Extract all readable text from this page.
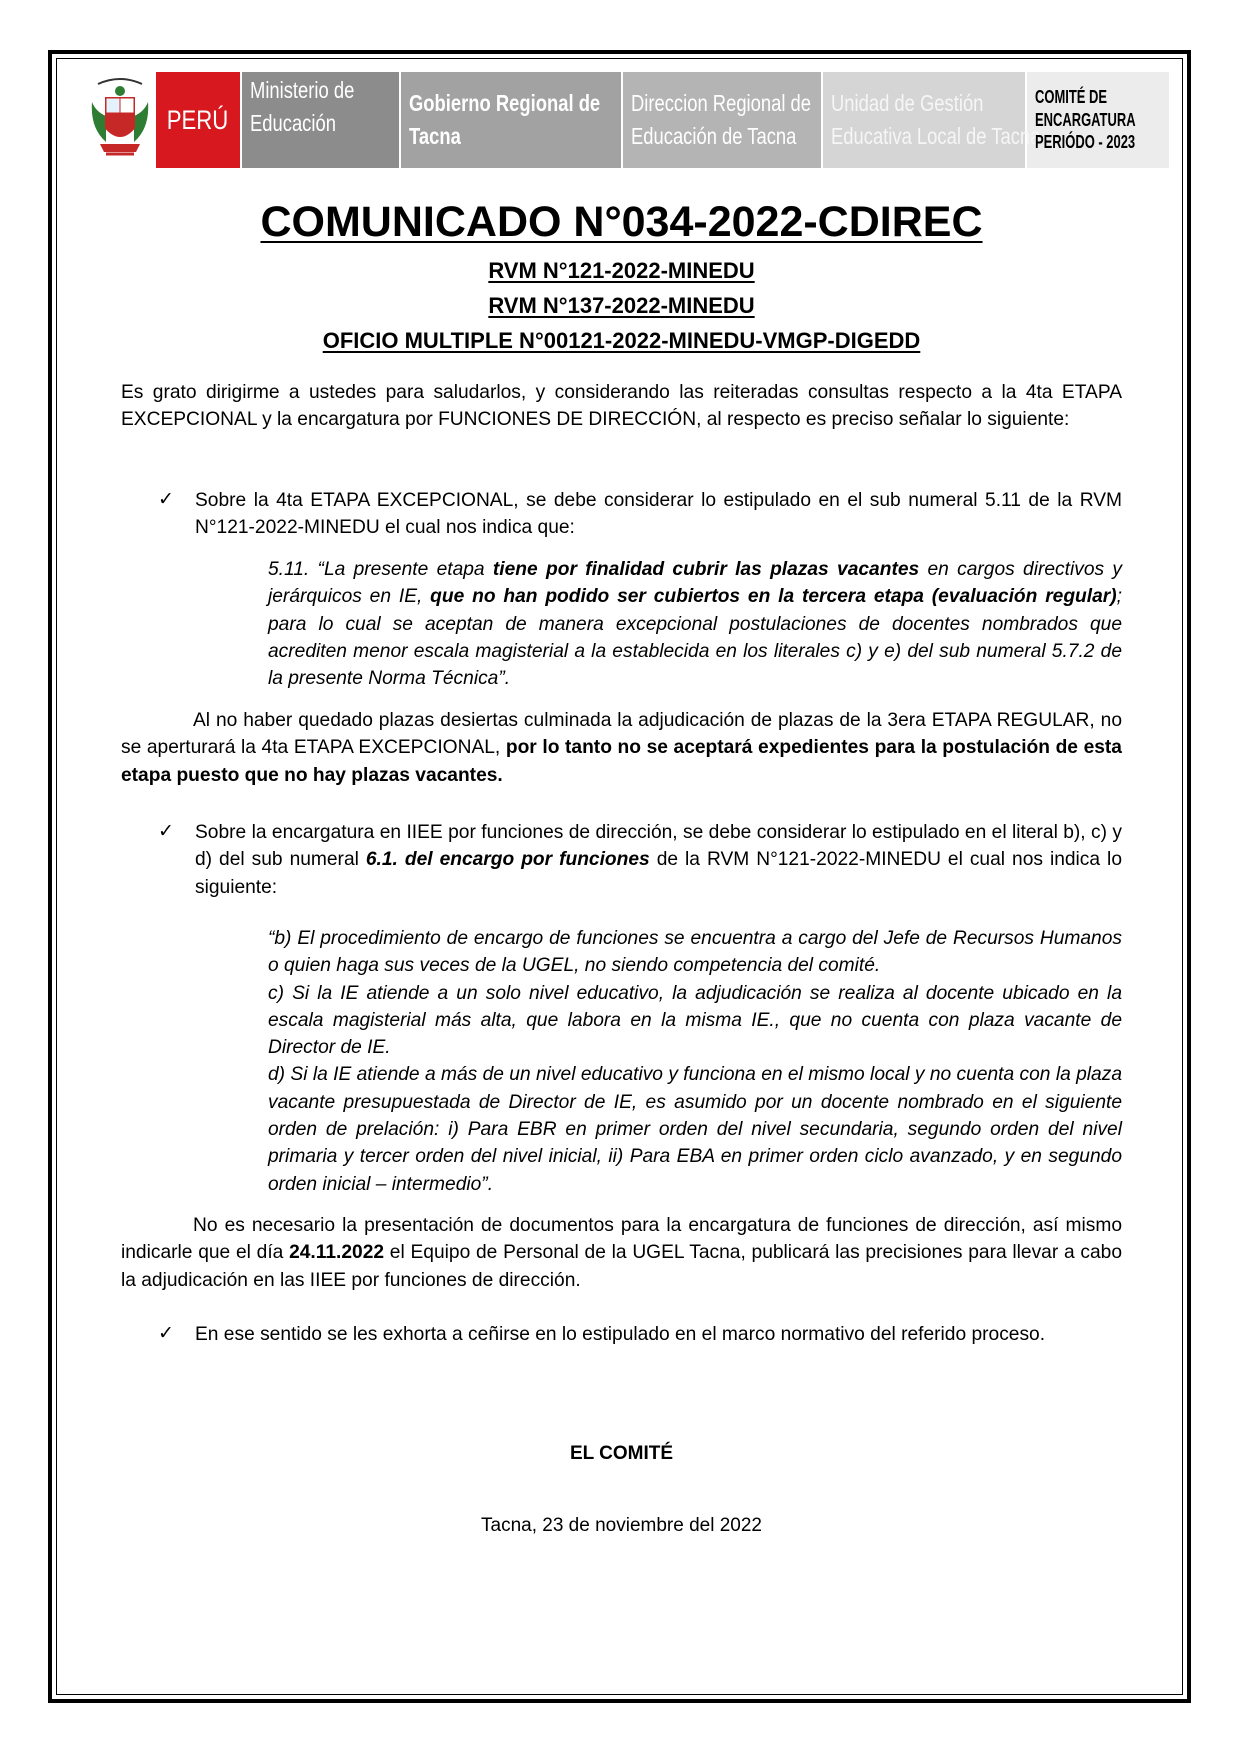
PERÚ
Ministerio de
Educación
Gobierno Regional de
Tacna
Direccion Regional de
Educación de Tacna
Unidad de Gestión
Educativa Local de Tacna
COMITÉ DE
ENCARGATURA
PERIÓDO - 2023
COMUNICADO N°034-2022-CDIREC
RVM N°121-2022-MINEDU
RVM N°137-2022-MINEDU
OFICIO MULTIPLE N°00121-2022-MINEDU-VMGP-DIGEDD
Es grato dirigirme a ustedes para saludarlos, y considerando las reiteradas consultas respecto a la 4ta ETAPA EXCEPCIONAL y la encargatura por FUNCIONES DE DIRECCIÓN, al respecto es preciso señalar lo siguiente:
✓ Sobre la 4ta ETAPA EXCEPCIONAL, se debe considerar lo estipulado en el sub numeral 5.11 de la RVM N°121-2022-MINEDU el cual nos indica que:
5.11. “La presente etapa tiene por finalidad cubrir las plazas vacantes en cargos directivos y jerárquicos en IE, que no han podido ser cubiertos en la tercera etapa (evaluación regular); para lo cual se aceptan de manera excepcional postulaciones de docentes nombrados que acrediten menor escala magisterial a la establecida en los literales c) y e) del sub numeral 5.7.2 de la presente Norma Técnica”.
Al no haber quedado plazas desiertas culminada la adjudicación de plazas de la 3era ETAPA REGULAR, no se aperturará la 4ta ETAPA EXCEPCIONAL, por lo tanto no se aceptará expedientes para la postulación de esta etapa puesto que no hay plazas vacantes.
✓ Sobre la encargatura en IIEE por funciones de dirección, se debe considerar lo estipulado en el literal b), c) y d) del sub numeral 6.1. del encargo por funciones de la RVM N°121-2022-MINEDU el cual nos indica lo siguiente:
“b) El procedimiento de encargo de funciones se encuentra a cargo del Jefe de Recursos Humanos o quien haga sus veces de la UGEL, no siendo competencia del comité.
c) Si la IE atiende a un solo nivel educativo, la adjudicación se realiza al docente ubicado en la escala magisterial más alta, que labora en la misma IE., que no cuenta con plaza vacante de Director de IE.
d) Si la IE atiende a más de un nivel educativo y funciona en el mismo local y no cuenta con la plaza vacante presupuestada de Director de IE, es asumido por un docente nombrado en el siguiente orden de prelación: i) Para EBR en primer orden del nivel secundaria, segundo orden del nivel primaria y tercer orden del nivel inicial, ii) Para EBA en primer orden ciclo avanzado, y en segundo orden inicial – intermedio”.
No es necesario la presentación de documentos para la encargatura de funciones de dirección, así mismo indicarle que el día 24.11.2022 el Equipo de Personal de la UGEL Tacna, publicará las precisiones para llevar a cabo la adjudicación en las IIEE por funciones de dirección.
✓ En ese sentido se les exhorta a ceñirse en lo estipulado en el marco normativo del referido proceso.
EL COMITÉ
Tacna, 23 de noviembre del 2022
